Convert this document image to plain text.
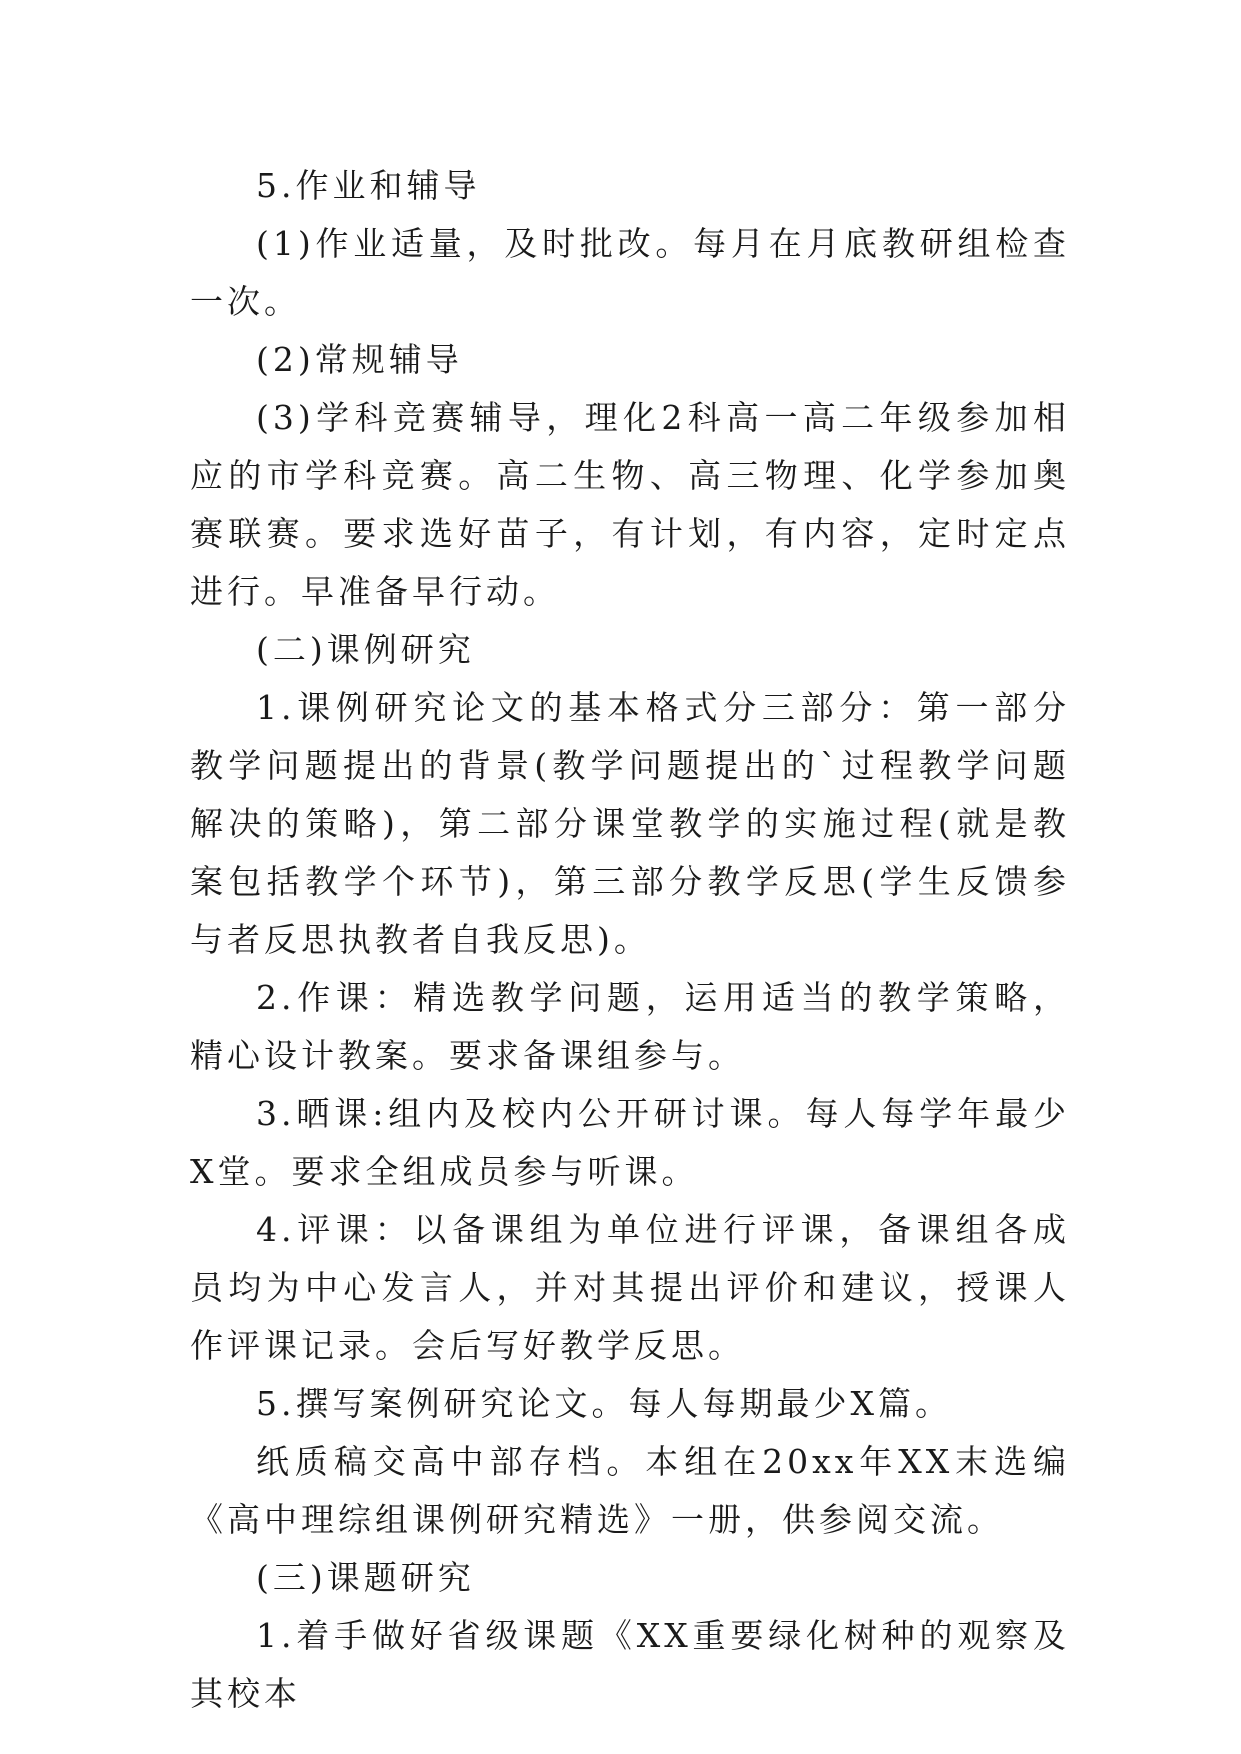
5.作业和辅导

(1)作业适量，及时批改。每月在月底教研组检查一次。

(2)常规辅导

(3)学科竞赛辅导，理化2科高一高二年级参加相应的市学科竞赛。高二生物、高三物理、化学参加奥赛联赛。要求选好苗子，有计划，有内容，定时定点进行。早准备早行动。

(二)课例研究

1.课例研究论文的基本格式分三部分：第一部分教学问题提出的背景(教学问题提出的`过程教学问题解决的策略)，第二部分课堂教学的实施过程(就是教案包括教学个环节)，第三部分教学反思(学生反馈参与者反思执教者自我反思)。

2.作课：精选教学问题，运用适当的教学策略，精心设计教案。要求备课组参与。

3.晒课:组内及校内公开研讨课。每人每学年最少X堂。要求全组成员参与听课。

4.评课：以备课组为单位进行评课，备课组各成员均为中心发言人，并对其提出评价和建议，授课人作评课记录。会后写好教学反思。

5.撰写案例研究论文。每人每期最少X篇。

纸质稿交高中部存档。本组在20xx年XX末选编《高中理综组课例研究精选》一册，供参阅交流。

(三)课题研究

1.着手做好省级课题《XX重要绿化树种的观察及其校本
